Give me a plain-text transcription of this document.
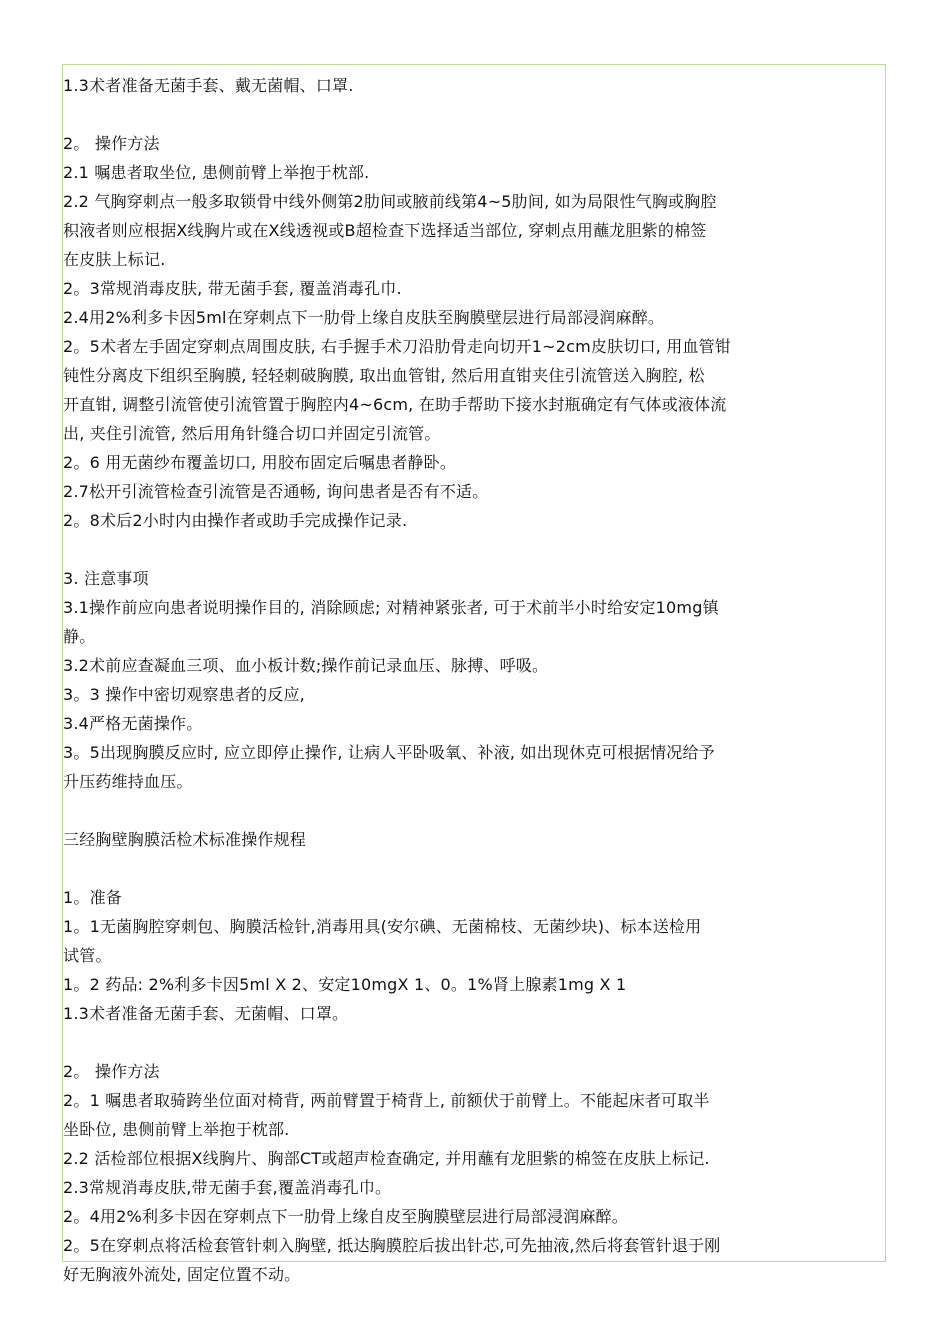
1.3术者准备无菌手套、戴无菌帽、口罩.
2。 操作方法
2.1 嘱患者取坐位, 患侧前臂上举抱于枕部.
2.2 气胸穿刺点一般多取锁骨中线外侧第2肋间或腋前线第4~5肋间, 如为局限性气胸或胸腔
积液者则应根据X线胸片或在X线透视或B超检查下选择适当部位, 穿刺点用蘸龙胆紫的棉签
在皮肤上标记.
2。3常规消毒皮肤, 带无菌手套, 覆盖消毒孔巾.
2.4用2%利多卡因5ml在穿刺点下一肋骨上缘自皮肤至胸膜壁层进行局部浸润麻醉。
2。5术者左手固定穿刺点周围皮肤, 右手握手术刀沿肋骨走向切开1~2cm皮肤切口, 用血管钳
钝性分离皮下组织至胸膜, 轻轻刺破胸膜, 取出血管钳, 然后用直钳夹住引流管送入胸腔, 松
开直钳, 调整引流管使引流管置于胸腔内4~6cm, 在助手帮助下接水封瓶确定有气体或液体流
出, 夹住引流管, 然后用角针缝合切口并固定引流管。
2。6 用无菌纱布覆盖切口, 用胶布固定后嘱患者静卧。
2.7松开引流管检查引流管是否通畅, 询问患者是否有不适。
2。8术后2小时内由操作者或助手完成操作记录.
3. 注意事项
3.1操作前应向患者说明操作目的, 消除顾虑; 对精神紧张者, 可于术前半小时给安定10mg镇
静。
3.2术前应查凝血三项、血小板计数;操作前记录血压、脉搏、呼吸。
3。3 操作中密切观察患者的反应,
3.4严格无菌操作。
3。5出现胸膜反应时, 应立即停止操作, 让病人平卧吸氧、补液, 如出现休克可根据情况给予
升压药维持血压。
三经胸壁胸膜活检术标准操作规程
1。准备
1。1无菌胸腔穿刺包、胸膜活检针,消毒用具(安尔碘、无菌棉枝、无菌纱块)、标本送检用
试管。
1。2 药品: 2%利多卡因5ml X 2、安定10mgX 1、0。1%肾上腺素1mg X 1
1.3术者准备无菌手套、无菌帽、口罩。
2。 操作方法
2。1 嘱患者取骑跨坐位面对椅背, 两前臂置于椅背上, 前额伏于前臂上。不能起床者可取半
坐卧位, 患侧前臂上举抱于枕部.
2.2 活检部位根据X线胸片、胸部CT或超声检查确定, 并用蘸有龙胆紫的棉签在皮肤上标记.
2.3常规消毒皮肤,带无菌手套,覆盖消毒孔巾。
2。4用2%利多卡因在穿刺点下一肋骨上缘自皮至胸膜壁层进行局部浸润麻醉。
2。5在穿刺点将活检套管针刺入胸壁, 抵达胸膜腔后拔出针芯,可先抽液,然后将套管针退于刚
好无胸液外流处, 固定位置不动。
